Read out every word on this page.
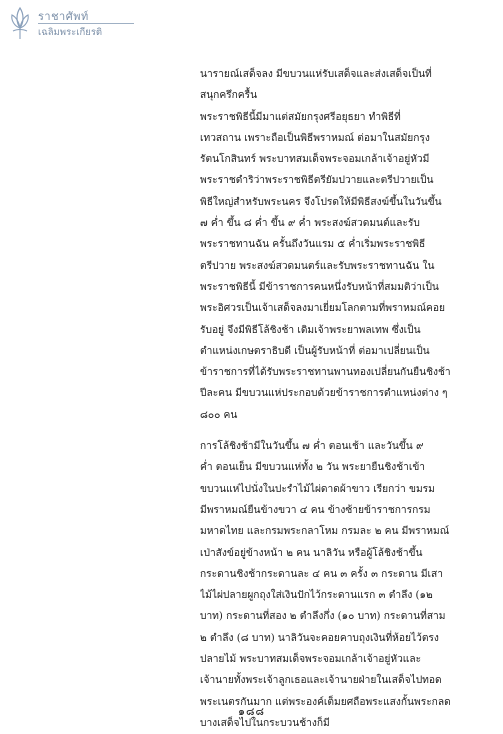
ราชาศัพท์
เฉลิมพระเกียรติ
นารายณ์เสด็จลง มีขบวนแห่รับเสด็จและส่งเสด็จเป็นที่
สนุกครึกครื้น
พระราชพิธีนี้มีมาแต่สมัยกรุงศรีอยุธยา ทำพิธีที่
เทวสถาน เพราะถือเป็นพิธีพราหมณ์ ต่อมาในสมัยกรุง
รัตนโกสินทร์ พระบาทสมเด็จพระจอมเกล้าเจ้าอยู่หัวมี
พระราชดำริว่าพระราชพิธีตรียัมปวายและตรีปวายเป็น
พิธีใหญ่สำหรับพระนคร จึงโปรดให้มีพิธีสงฆ์ขึ้นในวันขึ้น
๗ ค่ำ ขึ้น ๘ ค่ำ ขึ้น ๙ ค่ำ พระสงฆ์สวดมนต์และรับ
พระราชทานฉัน ครั้นถึงวันแรม ๕ ค่ำเริ่มพระราชพิธี
ตรีปวาย พระสงฆ์สวดมนตร์และรับพระราชทานฉัน ใน
พระราชพิธีนี้ มีข้าราชการคนหนึ่งรับหน้าที่สมมติว่าเป็น
พระอิศวรเป็นเจ้าเสด็จลงมาเยี่ยมโลกตามที่พราหมณ์คอย
รับอยู่ จึงมีพิธีโล้ชิงช้า เดิมเจ้าพระยาพลเทพ ซึ่งเป็น
ตำแหน่งเกษตราธิบดี เป็นผู้รับหน้าที่ ต่อมาเปลี่ยนเป็น
ข้าราชการที่ได้รับพระราชทานพานทองเปลี่ยนกันยืนชิงช้า
ปีละคน มีขบวนแห่ประกอบด้วยข้าราชการตำแหน่งต่าง ๆ
๘๐๐ คน
การโล้ชิงช้ามีในวันขึ้น ๗ ค่ำ ตอนเช้า และวันขึ้น ๙
ค่ำ ตอนเย็น มีขบวนแห่ทั้ง ๒ วัน พระยายืนชิงช้าเข้า
ขบวนแห่ไปนั่งในปะรำไม้ไผ่ดาดผ้าขาว เรียกว่า ขมรม
มีพราหมณ์ยืนข้างขวา ๔ คน ข้างซ้ายข้าราชการกรม
มหาดไทย และกรมพระกลาโหม กรมละ ๒ คน มีพราหมณ์
เป่าสังข์อยู่ข้างหน้า ๒ คน นาลิวัน หรือผู้โล้ชิงช้าขึ้น
กระดานชิงช้ากระดานละ ๔ คน ๓ ครั้ง ๓ กระดาน มีเสา
ไม้ไผ่ปลายผูกถุงใส่เงินปักไว้กระดานแรก ๓ ตำลึง (๑๒
บาท) กระดานที่สอง ๒ ตำลึงกึ่ง (๑๐ บาท) กระดานที่สาม
๒ ตำลึง (๘ บาท) นาลิวันจะคอยคาบถุงเงินที่ห้อยไว้ตรง
ปลายไม้ พระบาทสมเด็จพระจอมเกล้าเจ้าอยู่หัวและ
เจ้านายทั้งพระเจ้าลูกเธอและเจ้านายฝ่ายในเสด็จไปทอด
พระเนตรกันมาก แต่พระองค์เต็มยศถือพระแสงกั้นพระกลด
บางเสด็จไปในกระบวนช้างก็มี
๑๘๘
